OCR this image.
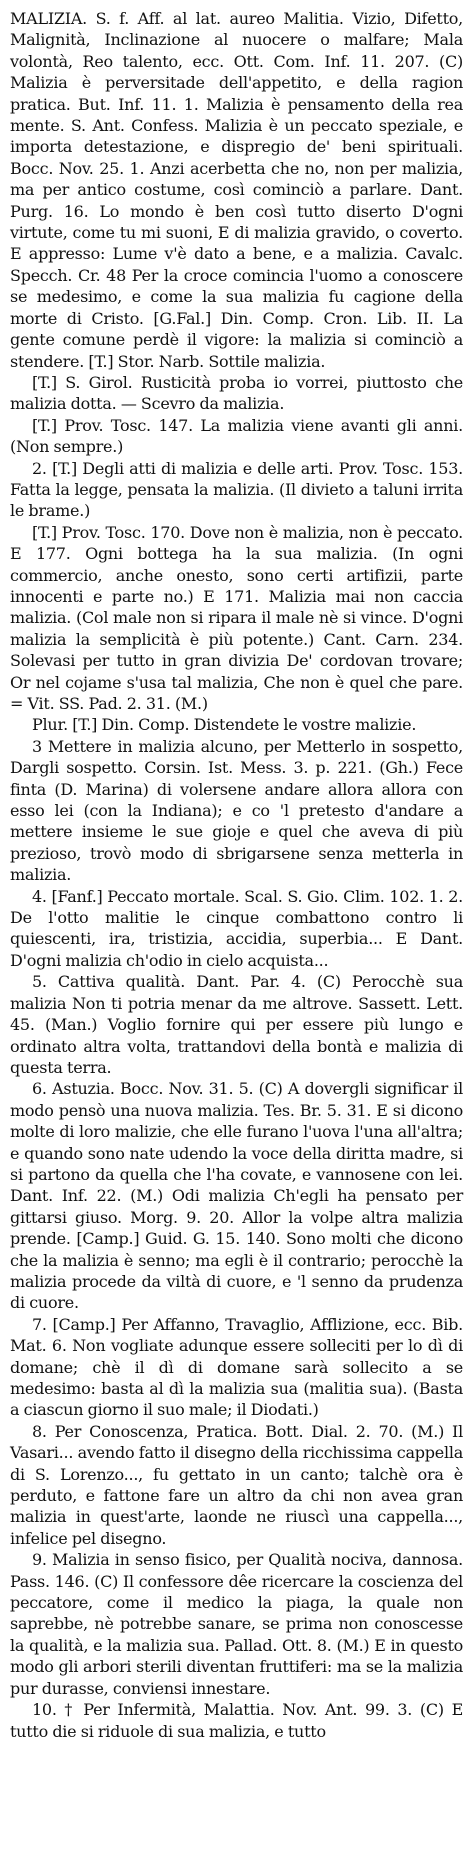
MALIZIA. S. f. Aff. al lat. aureo Malitia. Vizio, Difetto, Malignità, Inclinazione al nuocere o malfare; Mala volontà, Reo talento, ecc. Ott. Com. Inf. 11. 207. (C) Malizia è perversitade dell'appetito, e della ragion pratica. But. Inf. 11. 1. Malizia è pensamento della rea mente. S. Ant. Confess. Malizia è un peccato speziale, e importa detestazione, e dispregio de' beni spirituali. Bocc. Nov. 25. 1. Anzi acerbetta che no, non per malizia, ma per antico costume, così cominciò a parlare. Dant. Purg. 16. Lo mondo è ben così tutto diserto D'ogni virtute, come tu mi suoni, E di malizia gravido, o coverto. E appresso: Lume v'è dato a bene, e a malizia. Cavalc. Specch. Cr. 48 Per la croce comincia l'uomo a conoscere se medesimo, e come la sua malizia fu cagione della morte di Cristo. [G.Fal.] Din. Comp. Cron. Lib. II. La gente comune perdè il vigore: la malizia si cominciò a stendere. [T.] Stor. Narb. Sottile malizia.

[T.] S. Girol. Rusticità proba io vorrei, piuttosto che malizia dotta. — Scevro da malizia.

[T.] Prov. Tosc. 147. La malizia viene avanti gli anni. (Non sempre.)

2. [T.] Degli atti di malizia e delle arti. Prov. Tosc. 153. Fatta la legge, pensata la malizia. (Il divieto a taluni irrita le brame.)

[T.] Prov. Tosc. 170. Dove non è malizia, non è peccato. E 177. Ogni bottega ha la sua malizia. (In ogni commercio, anche onesto, sono certi artifizii, parte innocenti e parte no.) E 171. Malizia mai non caccia malizia. (Col male non si ripara il male nè si vince. D'ogni malizia la semplicità è più potente.) Cant. Carn. 234. Solevasi per tutto in gran divizia De' cordovan trovare; Or nel cojame s'usa tal malizia, Che non è quel che pare. = Vit. SS. Pad. 2. 31. (M.)

Plur. [T.] Din. Comp. Distendete le vostre malizie.

3 Mettere in malizia alcuno, per Metterlo in sospetto, Dargli sospetto. Corsin. Ist. Mess. 3. p. 221. (Gh.) Fece finta (D. Marina) di volersene andare allora allora con esso lei (con la Indiana); e co 'l pretesto d'andare a mettere insieme le sue gioje e quel che aveva di più prezioso, trovò modo di sbrigarsene senza metterla in malizia.

4. [Fanf.] Peccato mortale. Scal. S. Gio. Clim. 102. 1. 2. De l'otto malitie le cinque combattono contro li quiescenti, ira, tristizia, accidia, superbia... E Dant. D'ogni malizia ch'odio in cielo acquista...

5. Cattiva qualità. Dant. Par. 4. (C) Perocchè sua malizia Non ti potria menar da me altrove. Sassett. Lett. 45. (Man.) Voglio fornire qui per essere più lungo e ordinato altra volta, trattandovi della bontà e malizia di questa terra.

6. Astuzia. Bocc. Nov. 31. 5. (C) A dovergli significar il modo pensò una nuova malizia. Tes. Br. 5. 31. E si dicono molte di loro malizie, che elle furano l'uova l'una all'altra; e quando sono nate udendo la voce della diritta madre, si si partono da quella che l'ha covate, e vannosene con lei. Dant. Inf. 22. (M.) Odi malizia Ch'egli ha pensato per gittarsi giuso. Morg. 9. 20. Allor la volpe altra malizia prende. [Camp.] Guid. G. 15. 140. Sono molti che dicono che la malizia è senno; ma egli è il contrario; perocchè la malizia procede da viltà di cuore, e 'l senno da prudenza di cuore.

7. [Camp.] Per Affanno, Travaglio, Afflizione, ecc. Bib. Mat. 6. Non vogliate adunque essere solleciti per lo dì di domane; chè il dì di domane sarà sollecito a se medesimo: basta al dì la malizia sua (malitia sua). (Basta a ciascun giorno il suo male; il Diodati.)

8. Per Conoscenza, Pratica. Bott. Dial. 2. 70. (M.) Il Vasari... avendo fatto il disegno della ricchissima cappella di S. Lorenzo..., fu gettato in un canto; talchè ora è perduto, e fattone fare un altro da chi non avea gran malizia in quest'arte, laonde ne riuscì una cappella..., infelice pel disegno.

9. Malizia in senso fisico, per Qualità nociva, dannosa. Pass. 146. (C) Il confessore dêe ricercare la coscienza del peccatore, come il medico la piaga, la quale non saprebbe, nè potrebbe sanare, se prima non conoscesse la qualità, e la malizia sua. Pallad. Ott. 8. (M.) E in questo modo gli arbori sterili diventan fruttiferi: ma se la malizia pur durasse, conviensi innestare.

10. † Per Infermità, Malattia. Nov. Ant. 99. 3. (C) E tutto die si riduole di sua malizia, e tutto
